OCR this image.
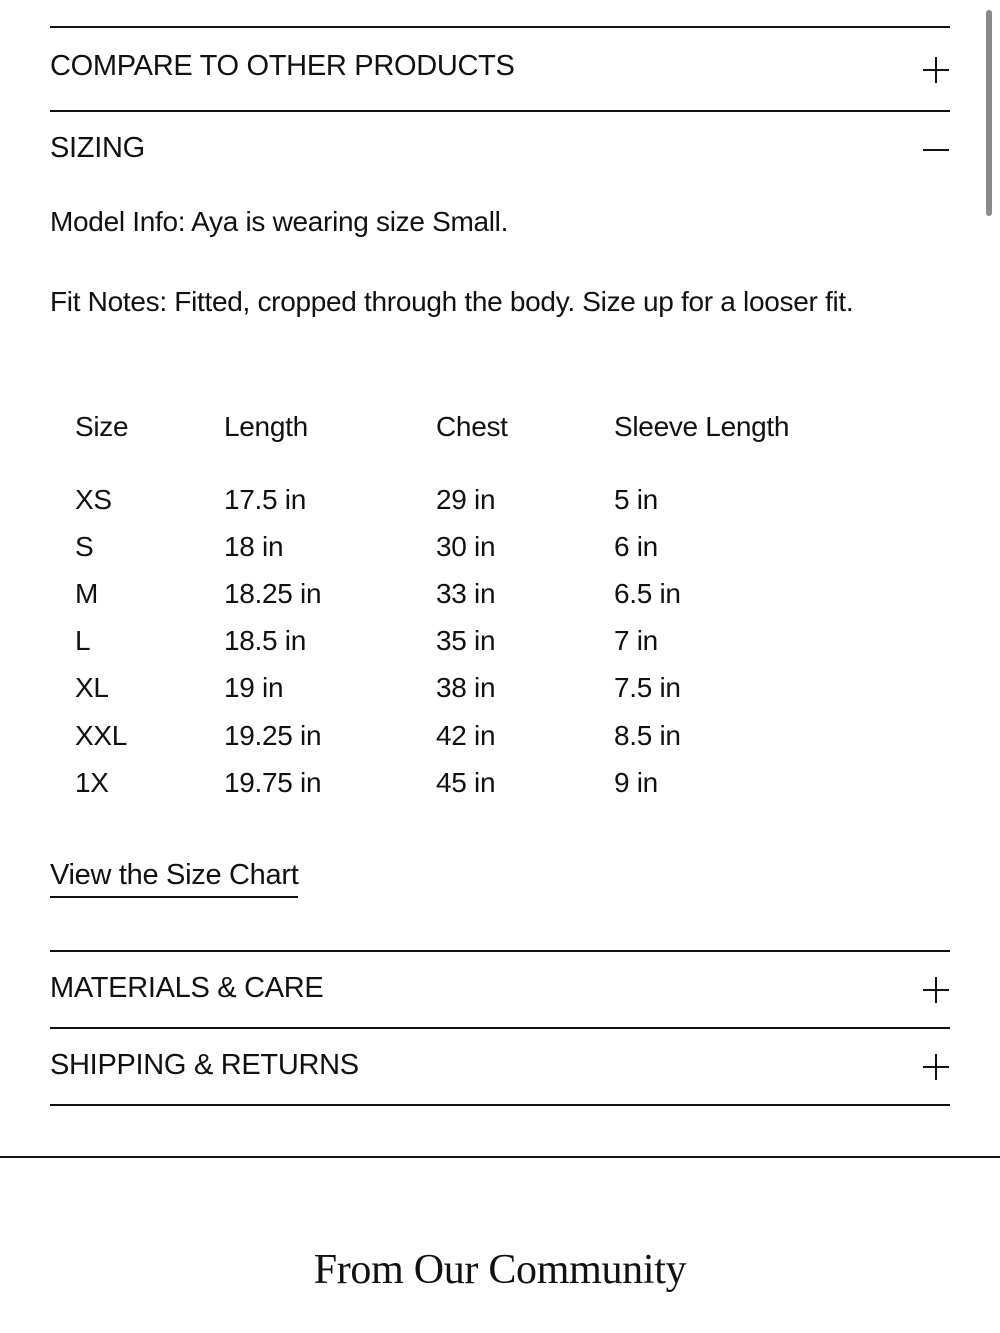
COMPARE TO OTHER PRODUCTS
SIZING

Model Info: Aya is wearing size Small.

Fit Notes: Fitted, cropped through the body. Size up for a looser fit.

Size	Length	Chest	Sleeve Length
XS	17.5 in	29 in	5 in
S	18 in	30 in	6 in
M	18.25 in	33 in	6.5 in
L	18.5 in	35 in	7 in
XL	19 in	38 in	7.5 in
XXL	19.25 in	42 in	8.5 in
1X	19.75 in	45 in	9 in
View the Size Chart
MATERIALS & CARE
SHIPPING & RETURNS
From Our Community
